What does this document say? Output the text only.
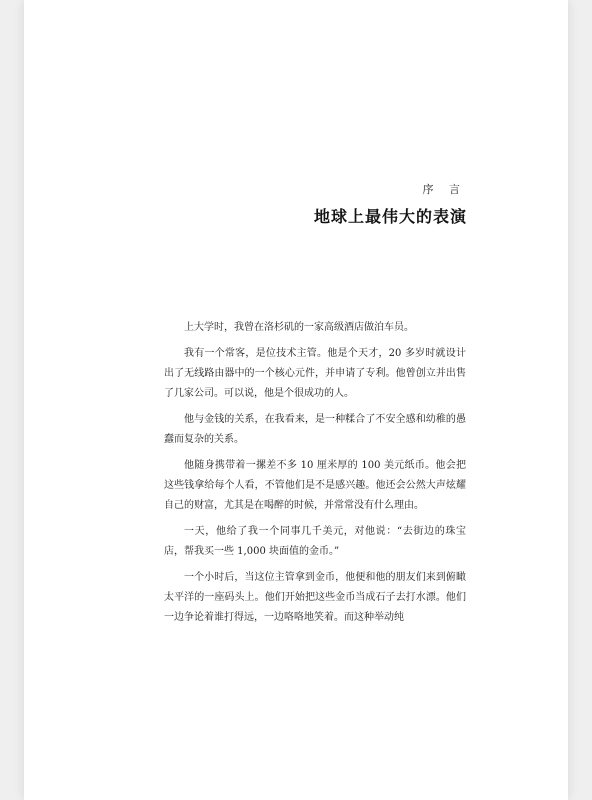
序 言
地球上最伟大的表演

上大学时，我曾在洛杉矶的一家高级酒店做泊车员。

我有一个常客，是位技术主管。他是个天才，20 多岁时就设计出了无线路由器中的一个核心元件，并申请了专利。他曾创立并出售了几家公司。可以说，他是个很成功的人。

他与金钱的关系，在我看来，是一种糅合了不安全感和幼稚的愚蠢而复杂的关系。

他随身携带着一摞差不多 10 厘米厚的 100 美元纸币。他会把这些钱拿给每个人看，不管他们是不是感兴趣。他还会公然大声炫耀自己的财富，尤其是在喝醉的时候，并常常没有什么理由。

一天，他给了我一个同事几千美元，对他说：“去街边的珠宝店，帮我买一些 1,000 块面值的金币。”

一个小时后，当这位主管拿到金币，他便和他的朋友们来到俯瞰太平洋的一座码头上。他们开始把这些金币当成石子去打水漂。他们一边争论着谁打得远，一边咯咯地笑着。而这种举动纯
